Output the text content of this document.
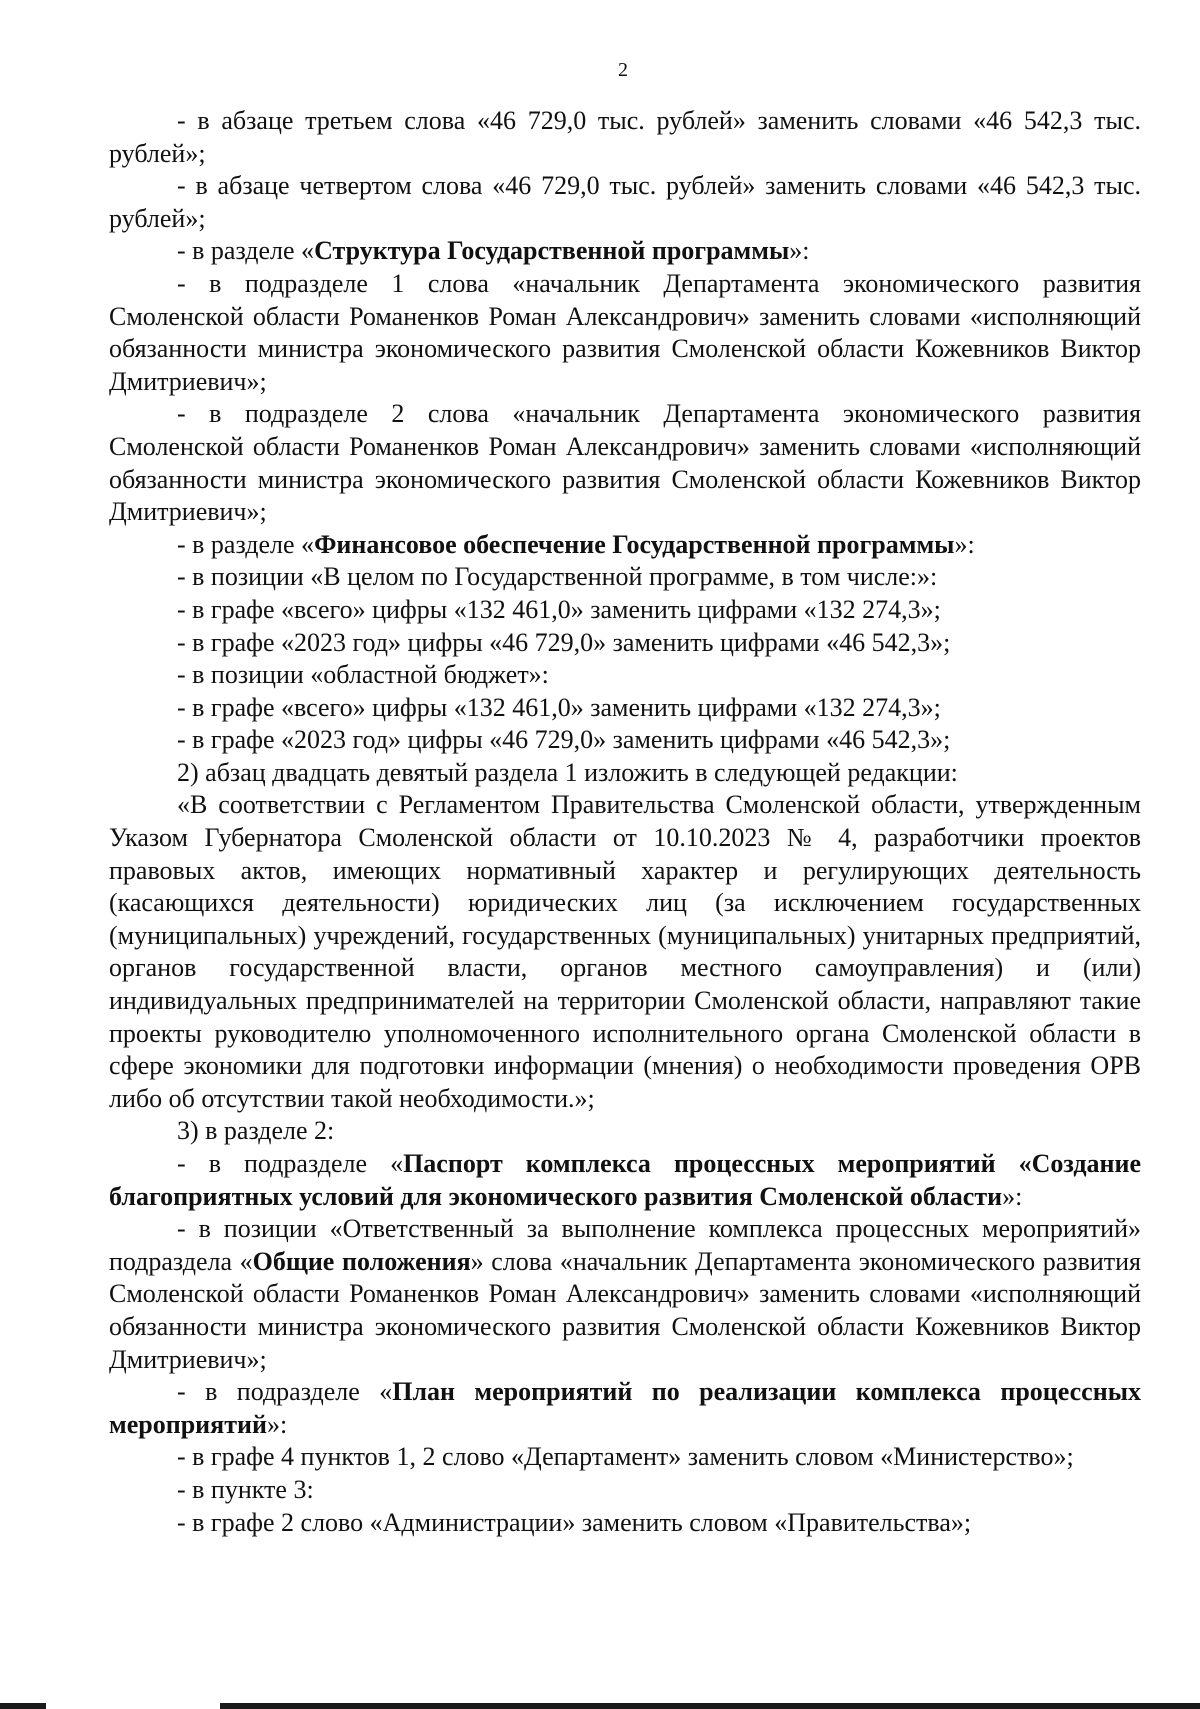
2

- в абзаце третьем слова «46 729,0 тыс. рублей» заменить словами «46 542,3 тыс. рублей»;

- в абзаце четвертом слова «46 729,0 тыс. рублей» заменить словами «46 542,3 тыс. рублей»;

- в разделе «Структура Государственной программы»:

- в подразделе 1 слова «начальник Департамента экономического развития Смоленской области Романенков Роман Александрович» заменить словами «исполняющий обязанности министра экономического развития Смоленской области Кожевников Виктор Дмитриевич»;

- в подразделе 2 слова «начальник Департамента экономического развития Смоленской области Романенков Роман Александрович» заменить словами «исполняющий обязанности министра экономического развития Смоленской области Кожевников Виктор Дмитриевич»;

- в разделе «Финансовое обеспечение Государственной программы»:

- в позиции «В целом по Государственной программе, в том числе:»:

- в графе «всего» цифры «132 461,0» заменить цифрами «132 274,3»;

- в графе «2023 год» цифры «46 729,0» заменить цифрами «46 542,3»;

- в позиции «областной бюджет»:

- в графе «всего» цифры «132 461,0» заменить цифрами «132 274,3»;

- в графе «2023 год» цифры «46 729,0» заменить цифрами «46 542,3»;

2) абзац двадцать девятый раздела 1 изложить в следующей редакции:

«В соответствии с Регламентом Правительства Смоленской области, утвержденным Указом Губернатора Смоленской области от 10.10.2023 № 4, разработчики проектов правовых актов, имеющих нормативный характер и регулирующих деятельность (касающихся деятельности) юридических лиц (за исключением государственных (муниципальных) учреждений, государственных (муниципальных) унитарных предприятий, органов государственной власти, органов местного самоуправления) и (или) индивидуальных предпринимателей на территории Смоленской области, направляют такие проекты руководителю уполномоченного исполнительного органа Смоленской области в сфере экономики для подготовки информации (мнения) о необходимости проведения ОРВ либо об отсутствии такой необходимости.»;

3) в разделе 2:

- в подразделе «Паспорт комплекса процессных мероприятий «Создание благоприятных условий для экономического развития Смоленской области»:

- в позиции «Ответственный за выполнение комплекса процессных мероприятий» подраздела «Общие положения» слова «начальник Департамента экономического развития Смоленской области Романенков Роман Александрович» заменить словами «исполняющий обязанности министра экономического развития Смоленской области Кожевников Виктор Дмитриевич»;

- в подразделе «План мероприятий по реализации комплекса процессных мероприятий»:

- в графе 4 пунктов 1, 2 слово «Департамент» заменить словом «Министерство»;

- в пункте 3:

- в графе 2 слово «Администрации» заменить словом «Правительства»;
